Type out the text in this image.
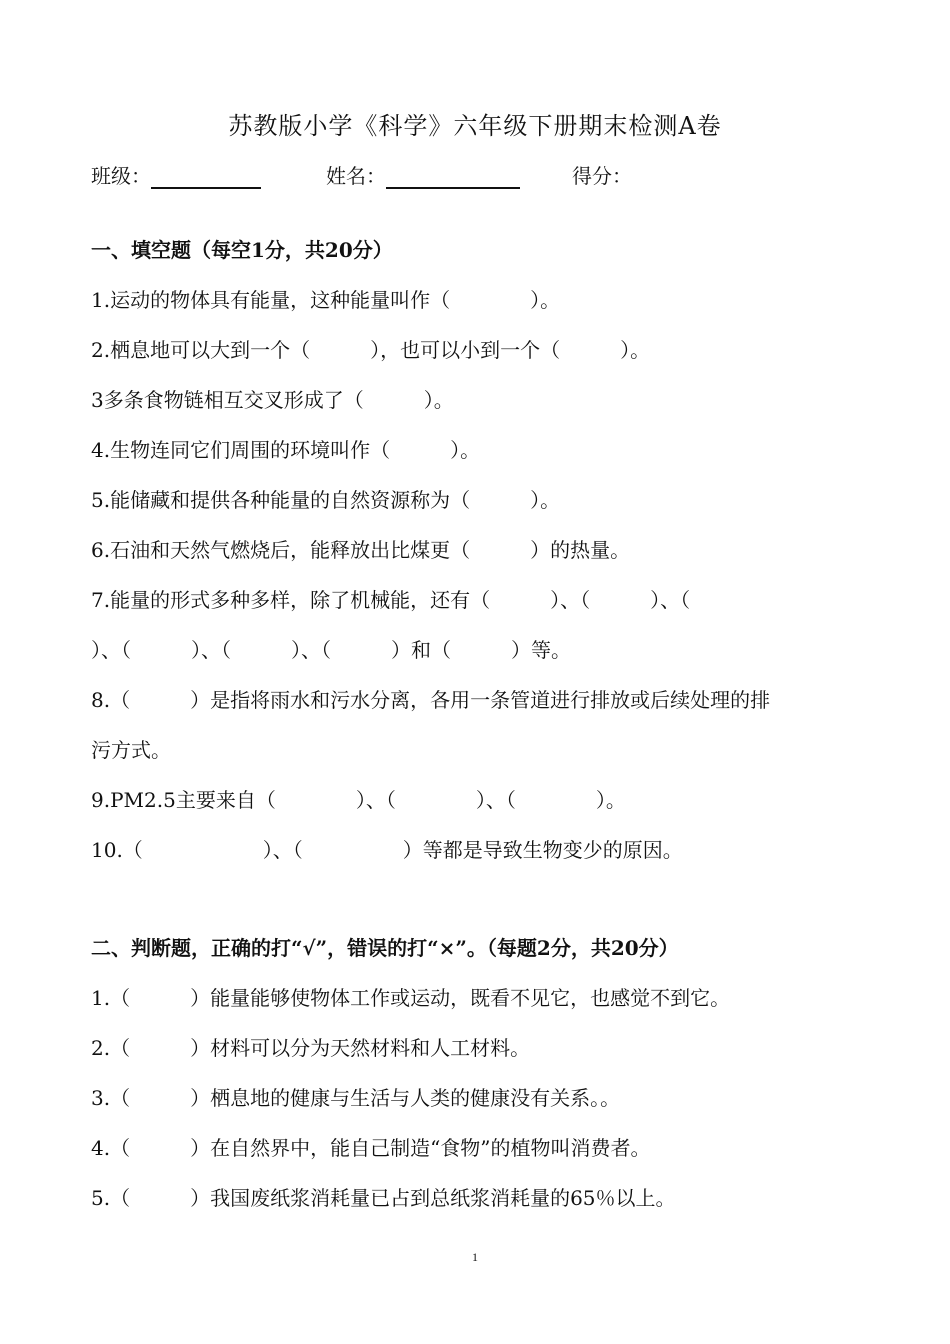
苏教版小学《科学》六年级下册期末检测A卷
班级：	姓名：	得分：
一、填空题（每空1分，共20分）
1.运动的物体具有能量，这种能量叫作（　　　　）。
2.栖息地可以大到一个（　　　），也可以小到一个（　　　）。
3多条食物链相互交叉形成了（　　　）。
4.生物连同它们周围的环境叫作（　　　）。
5.能储藏和提供各种能量的自然资源称为（　　　）。
6.石油和天然气燃烧后，能释放出比煤更（　　　）的热量。
7.能量的形式多种多样，除了机械能，还有（　　　）、（　　　）、（
）、（　　　）、（　　　）、（　　　）和（　　　）等。
8.（　　　）是指将雨水和污水分离，各用一条管道进行排放或后续处理的排
污方式。
9.PM2.5主要来自（　　　　）、（　　　　）、（　　　　）。
10.（　　　　　　）、（　　　　　）等都是导致生物变少的原因。
二、判断题，正确的打“√”，错误的打“×”。（每题2分，共20分）
1.（　　　）能量能够使物体工作或运动，既看不见它，也感觉不到它。
2.（　　　）材料可以分为天然材料和人工材料。
3.（　　　）栖息地的健康与生活与人类的健康没有关系。。
4.（　　　）在自然界中，能自己制造“食物”的植物叫消费者。
5.（　　　）我国废纸浆消耗量已占到总纸浆消耗量的65％以上。
1
